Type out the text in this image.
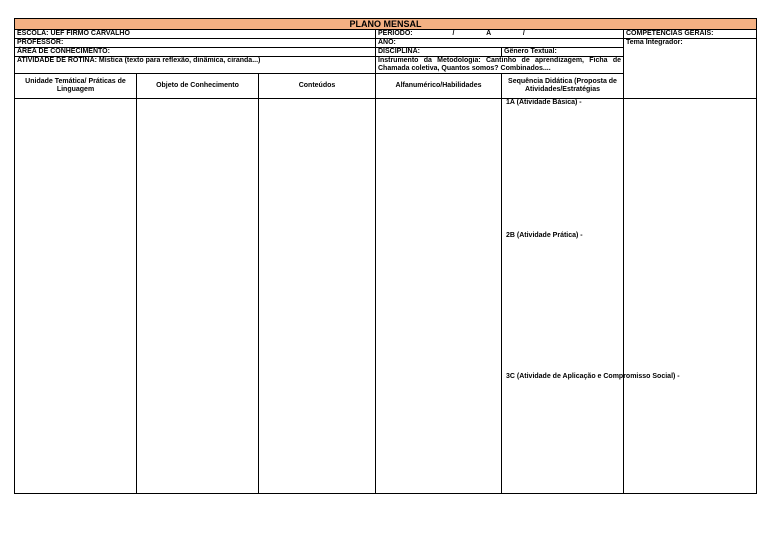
PLANO MENSAL						
ESCOLA: UEF FIRMO CARVALHO			PERIODO: / A /		COMPETENCIAS GERAIS:	
PROFESSOR:			ANO:		Tema Integrador:	
ÁREA DE CONHECIMENTO:			DISCIPLINA:	Gênero Textual:		
ATIVIDADE DE ROTINA: Mística (texto para reflexão, dinâmica, ciranda...)			Instrumento da Metodologia: Cantinho de aprendizagem, Ficha de Chamada coletiva, Quantos somos? Combinados....			
Unidade Temática/ Práticas de Linguagem	Objeto de Conhecimento	Conteúdos	Alfanumérico/Habilidades	Sequência Didática (Proposta de Atividades/Estratégias	

				1A (Atividade Básica) -
2B (Atividade Prática) -
3C (Atividade de Aplicação e Compromisso Social) -		
